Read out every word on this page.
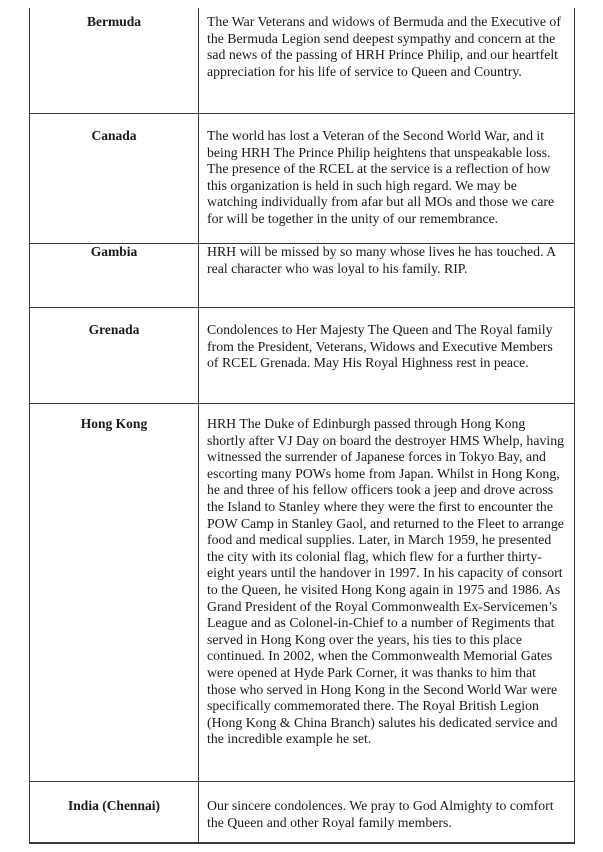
Bermuda	The War Veterans and widows of Bermuda and the Executive of the Bermuda Legion send deepest sympathy and concern at the sad news of the passing of HRH Prince Philip, and our heartfelt appreciation for his life of service to Queen and Country.
Canada	The world has lost a Veteran of the Second World War, and it being HRH The Prince Philip heightens that unspeakable loss. The presence of the RCEL at the service is a reflection of how this organization is held in such high regard. We may be watching individually from afar but all MOs and those we care for will be together in the unity of our remembrance.
Gambia	HRH will be missed by so many whose lives he has touched. A real character who was loyal to his family. RIP.
Grenada	Condolences to Her Majesty The Queen and The Royal family from the President, Veterans, Widows and Executive Members of RCEL Grenada. May His Royal Highness rest in peace.
Hong Kong	HRH The Duke of Edinburgh passed through Hong Kong shortly after VJ Day on board the destroyer HMS Whelp, having witnessed the surrender of Japanese forces in Tokyo Bay, and escorting many POWs home from Japan. Whilst in Hong Kong, he and three of his fellow officers took a jeep and drove across the Island to Stanley where they were the first to encounter the POW Camp in Stanley Gaol, and returned to the Fleet to arrange food and medical supplies. Later, in March 1959, he presented the city with its colonial flag, which flew for a further thirty-eight years until the handover in 1997. In his capacity of consort to the Queen, he visited Hong Kong again in 1975 and 1986. As Grand President of the Royal Commonwealth Ex-Servicemen’s League and as Colonel-in-Chief to a number of Regiments that served in Hong Kong over the years, his ties to this place continued. In 2002, when the Commonwealth Memorial Gates were opened at Hyde Park Corner, it was thanks to him that those who served in Hong Kong in the Second World War were specifically commemorated there. The Royal British Legion (Hong Kong & China Branch) salutes his dedicated service and the incredible example he set.
India (Chennai)	Our sincere condolences. We pray to God Almighty to comfort the Queen and other Royal family members.
